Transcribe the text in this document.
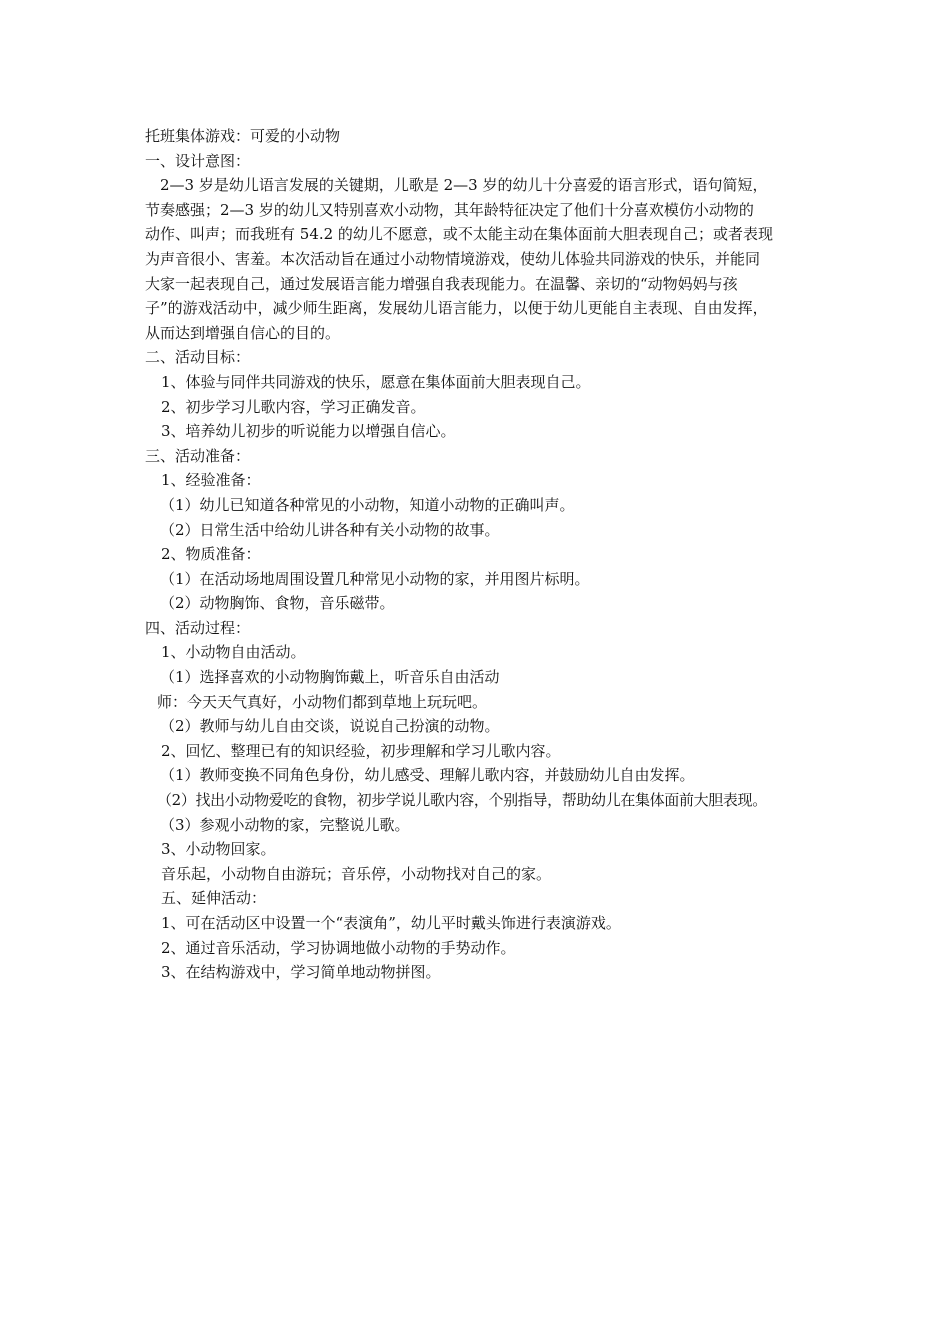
托班集体游戏：可爱的小动物
一、设计意图：
　2—3 岁是幼儿语言发展的关键期，儿歌是 2—3 岁的幼儿十分喜爱的语言形式，语句简短，
节奏感强；2—3 岁的幼儿又特别喜欢小动物，其年龄特征决定了他们十分喜欢模仿小动物的
动作、叫声；而我班有 54.2 的幼儿不愿意，或不太能主动在集体面前大胆表现自己；或者表现
为声音很小、害羞。本次活动旨在通过小动物情境游戏，使幼儿体验共同游戏的快乐，并能同
大家一起表现自己，通过发展语言能力增强自我表现能力。在温馨、亲切的“动物妈妈与孩
子”的游戏活动中，减少师生距离，发展幼儿语言能力，以便于幼儿更能自主表现、自由发挥，
从而达到增强自信心的目的。
二、活动目标：
1、体验与同伴共同游戏的快乐，愿意在集体面前大胆表现自己。
2、初步学习儿歌内容，学习正确发音。
3、培养幼儿初步的听说能力以增强自信心。
三、活动准备：
1、经验准备：
（1）幼儿已知道各种常见的小动物，知道小动物的正确叫声。
（2）日常生活中给幼儿讲各种有关小动物的故事。
2、物质准备：
（1）在活动场地周围设置几种常见小动物的家，并用图片标明。
（2）动物胸饰、食物，音乐磁带。
四、活动过程：
1、小动物自由活动。
（1）选择喜欢的小动物胸饰戴上，听音乐自由活动
师：今天天气真好，小动物们都到草地上玩玩吧。
（2）教师与幼儿自由交谈，说说自己扮演的动物。
2、回忆、整理已有的知识经验，初步理解和学习儿歌内容。
（1）教师变换不同角色身份，幼儿感受、理解儿歌内容，并鼓励幼儿自由发挥。
（2）找出小动物爱吃的食物，初步学说儿歌内容，个别指导，帮助幼儿在集体面前大胆表现。
（3）参观小动物的家，完整说儿歌。
3、小动物回家。
音乐起，小动物自由游玩；音乐停，小动物找对自己的家。
五、延伸活动：
1、可在活动区中设置一个“表演角”，幼儿平时戴头饰进行表演游戏。
2、通过音乐活动，学习协调地做小动物的手势动作。
3、在结构游戏中，学习简单地动物拼图。
